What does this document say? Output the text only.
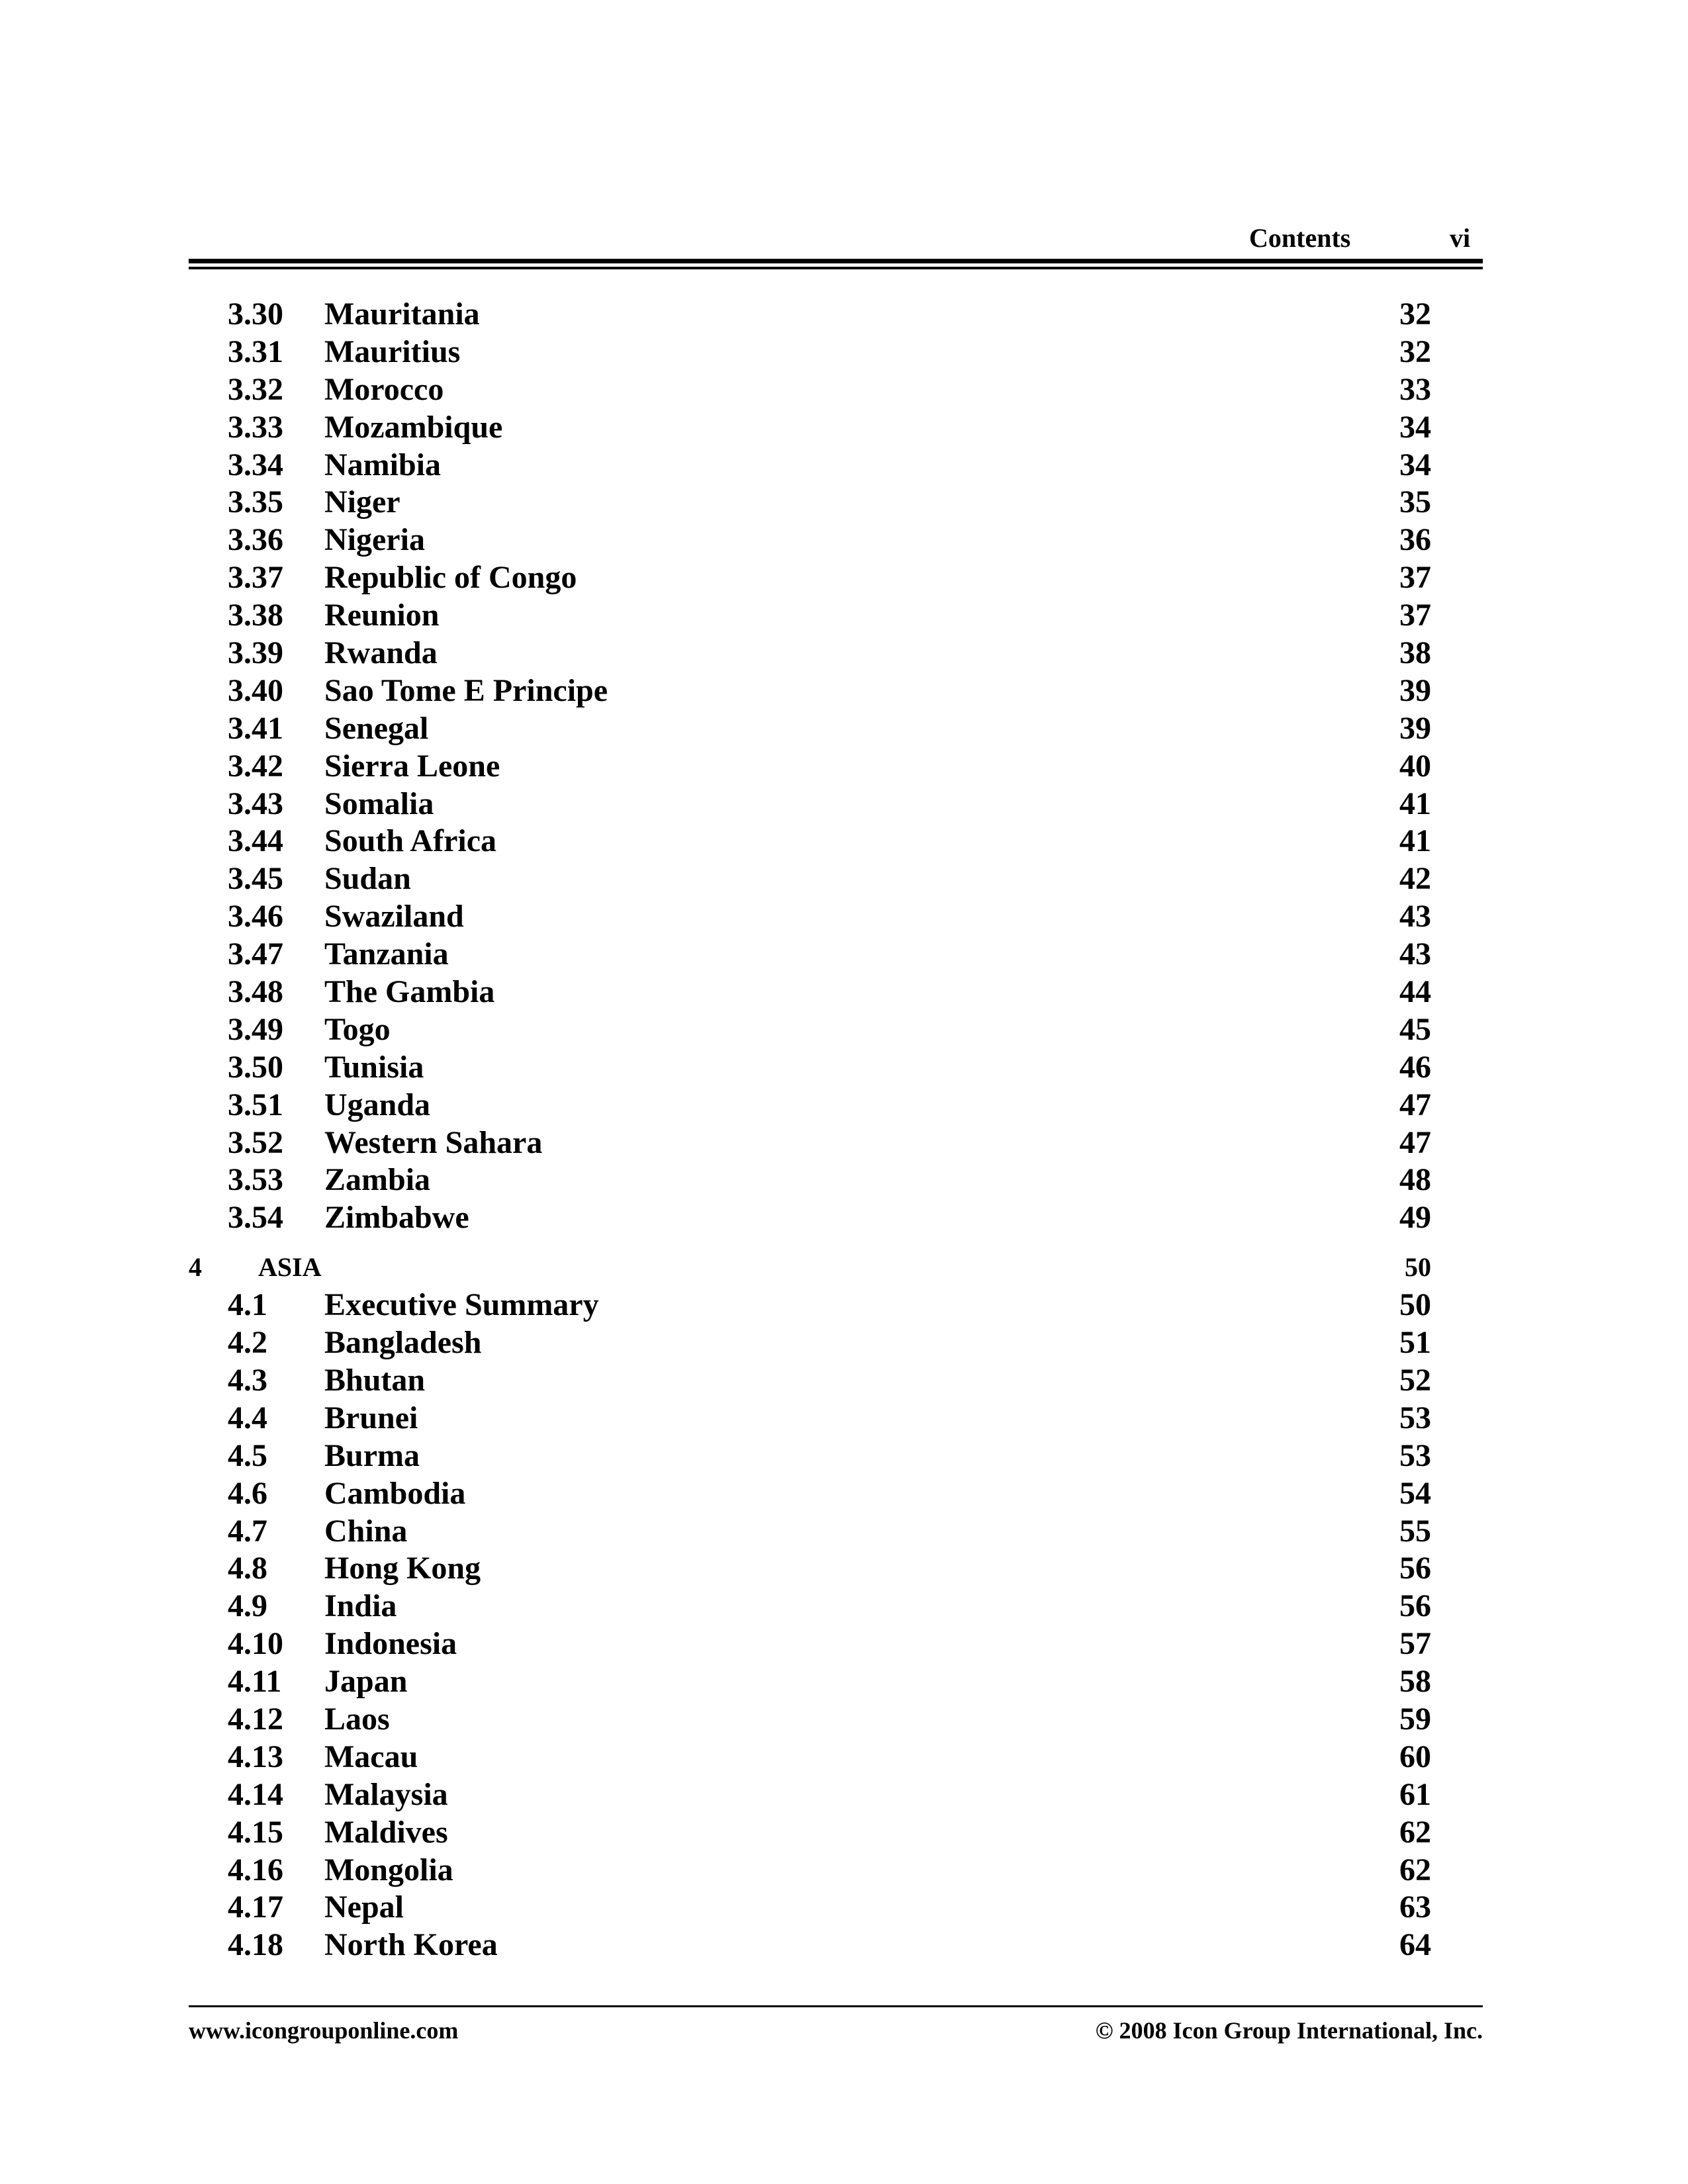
Contents	vi
3.30 Mauritania	32
3.31 Mauritius	32
3.32 Morocco	33
3.33 Mozambique	34
3.34 Namibia	34
3.35 Niger	35
3.36 Nigeria	36
3.37 Republic of Congo	37
3.38 Reunion	37
3.39 Rwanda	38
3.40 Sao Tome E Principe	39
3.41 Senegal	39
3.42 Sierra Leone	40
3.43 Somalia	41
3.44 South Africa	41
3.45 Sudan	42
3.46 Swaziland	43
3.47 Tanzania	43
3.48 The Gambia	44
3.49 Togo	45
3.50 Tunisia	46
3.51 Uganda	47
3.52 Western Sahara	47
3.53 Zambia	48
3.54 Zimbabwe	49
4 ASIA	50
4.1 Executive Summary	50
4.2 Bangladesh	51
4.3 Bhutan	52
4.4 Brunei	53
4.5 Burma	53
4.6 Cambodia	54
4.7 China	55
4.8 Hong Kong	56
4.9 India	56
4.10 Indonesia	57
4.11 Japan	58
4.12 Laos	59
4.13 Macau	60
4.14 Malaysia	61
4.15 Maldives	62
4.16 Mongolia	62
4.17 Nepal	63
4.18 North Korea	64
www.icongrouponline.com	© 2008 Icon Group International, Inc.
